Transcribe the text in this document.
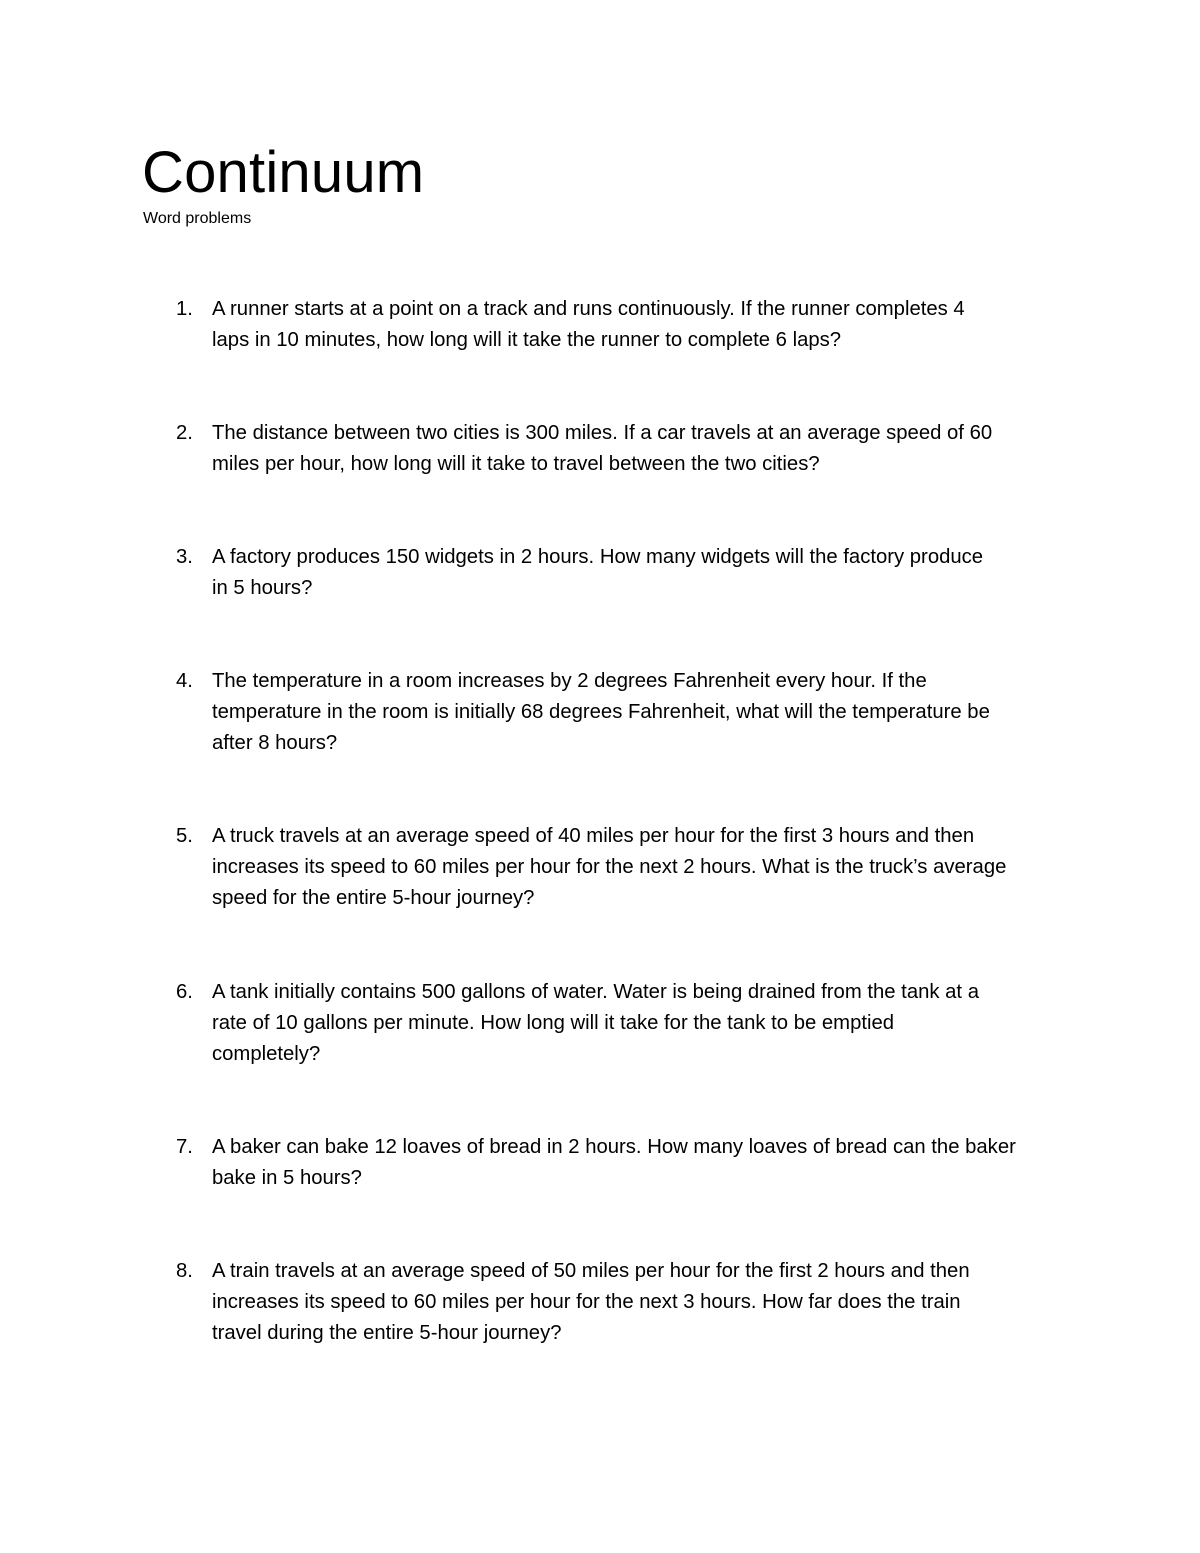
Continuum
Word problems
1. A runner starts at a point on a track and runs continuously. If the runner completes 4

laps in 10 minutes, how long will it take the runner to complete 6 laps?

2. The distance between two cities is 300 miles. If a car travels at an average speed of 60

miles per hour, how long will it take to travel between the two cities?

3. A factory produces 150 widgets in 2 hours. How many widgets will the factory produce

in 5 hours?

4. The temperature in a room increases by 2 degrees Fahrenheit every hour. If the

temperature in the room is initially 68 degrees Fahrenheit, what will the temperature be

after 8 hours?

5. A truck travels at an average speed of 40 miles per hour for the first 3 hours and then

increases its speed to 60 miles per hour for the next 2 hours. What is the truck’s average

speed for the entire 5-hour journey?

6. A tank initially contains 500 gallons of water. Water is being drained from the tank at a

rate of 10 gallons per minute. How long will it take for the tank to be emptied

completely?

7. A baker can bake 12 loaves of bread in 2 hours. How many loaves of bread can the baker

bake in 5 hours?

8. A train travels at an average speed of 50 miles per hour for the first 2 hours and then

increases its speed to 60 miles per hour for the next 3 hours. How far does the train

travel during the entire 5-hour journey?
